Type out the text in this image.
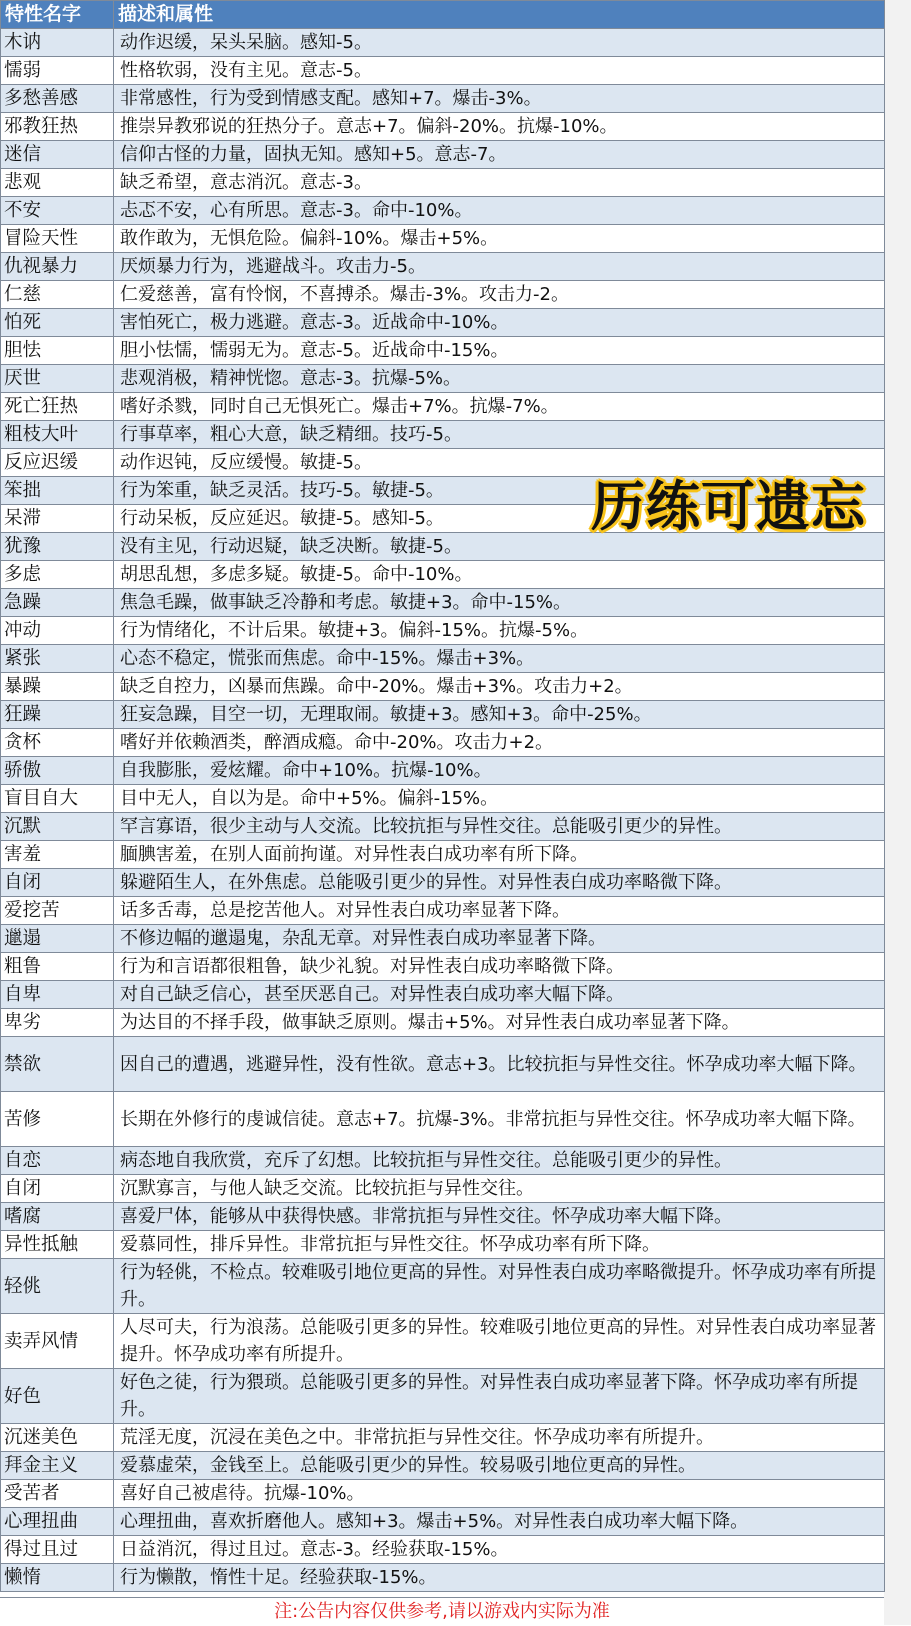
特性名字	描述和属性
木讷	动作迟缓，呆头呆脑。感知-5。
懦弱	性格软弱，没有主见。意志-5。
多愁善感	非常感性，行为受到情感支配。感知+7。爆击-3%。
邪教狂热	推崇异教邪说的狂热分子。意志+7。偏斜-20%。抗爆-10%。
迷信	信仰古怪的力量，固执无知。感知+5。意志-7。
悲观	缺乏希望，意志消沉。意志-3。
不安	忐忑不安，心有所思。意志-3。命中-10%。
冒险天性	敢作敢为，无惧危险。偏斜-10%。爆击+5%。
仇视暴力	厌烦暴力行为，逃避战斗。攻击力-5。
仁慈	仁爱慈善，富有怜悯，不喜搏杀。爆击-3%。攻击力-2。
怕死	害怕死亡，极力逃避。意志-3。近战命中-10%。
胆怯	胆小怯懦，懦弱无为。意志-5。近战命中-15%。
厌世	悲观消极，精神恍惚。意志-3。抗爆-5%。
死亡狂热	嗜好杀戮，同时自己无惧死亡。爆击+7%。抗爆-7%。
粗枝大叶	行事草率，粗心大意，缺乏精细。技巧-5。
反应迟缓	动作迟钝，反应缓慢。敏捷-5。
笨拙	行为笨重，缺乏灵活。技巧-5。敏捷-5。
呆滞	行动呆板，反应延迟。敏捷-5。感知-5。
犹豫	没有主见，行动迟疑，缺乏决断。敏捷-5。
多虑	胡思乱想，多虑多疑。敏捷-5。命中-10%。
急躁	焦急毛躁，做事缺乏冷静和考虑。敏捷+3。命中-15%。
冲动	行为情绪化，不计后果。敏捷+3。偏斜-15%。抗爆-5%。
紧张	心态不稳定，慌张而焦虑。命中-15%。爆击+3%。
暴躁	缺乏自控力，凶暴而焦躁。命中-20%。爆击+3%。攻击力+2。
狂躁	狂妄急躁，目空一切，无理取闹。敏捷+3。感知+3。命中-25%。
贪杯	嗜好并依赖酒类，醉酒成瘾。命中-20%。攻击力+2。
骄傲	自我膨胀，爱炫耀。命中+10%。抗爆-10%。
盲目自大	目中无人，自以为是。命中+5%。偏斜-15%。
沉默	罕言寡语，很少主动与人交流。比较抗拒与异性交往。总能吸引更少的异性。
害羞	腼腆害羞，在别人面前拘谨。对异性表白成功率有所下降。
自闭	躲避陌生人，在外焦虑。总能吸引更少的异性。对异性表白成功率略微下降。
爱挖苦	话多舌毒，总是挖苦他人。对异性表白成功率显著下降。
邋遢	不修边幅的邋遢鬼，杂乱无章。对异性表白成功率显著下降。
粗鲁	行为和言语都很粗鲁，缺少礼貌。对异性表白成功率略微下降。
自卑	对自己缺乏信心，甚至厌恶自己。对异性表白成功率大幅下降。
卑劣	为达目的不择手段，做事缺乏原则。爆击+5%。对异性表白成功率显著下降。
禁欲	因自己的遭遇，逃避异性，没有性欲。意志+3。比较抗拒与异性交往。怀孕成功率大幅下降。
苦修	长期在外修行的虔诚信徒。意志+7。抗爆-3%。非常抗拒与异性交往。怀孕成功率大幅下降。
自恋	病态地自我欣赏，充斥了幻想。比较抗拒与异性交往。总能吸引更少的异性。
自闭	沉默寡言，与他人缺乏交流。比较抗拒与异性交往。
嗜腐	喜爱尸体，能够从中获得快感。非常抗拒与异性交往。怀孕成功率大幅下降。
异性抵触	爱慕同性，排斥异性。非常抗拒与异性交往。怀孕成功率有所下降。
轻佻	行为轻佻，不检点。较难吸引地位更高的异性。对异性表白成功率略微提升。怀孕成功率有所提升。
卖弄风情	人尽可夫，行为浪荡。总能吸引更多的异性。较难吸引地位更高的异性。对异性表白成功率显著提升。怀孕成功率有所提升。
好色	好色之徒，行为猥琐。总能吸引更多的异性。对异性表白成功率显著下降。怀孕成功率有所提升。
沉迷美色	荒淫无度，沉浸在美色之中。非常抗拒与异性交往。怀孕成功率有所提升。
拜金主义	爱慕虚荣，金钱至上。总能吸引更少的异性。较易吸引地位更高的异性。
受苦者	喜好自己被虐待。抗爆-10%。
心理扭曲	心理扭曲，喜欢折磨他人。感知+3。爆击+5%。对异性表白成功率大幅下降。
得过且过	日益消沉，得过且过。意志-3。经验获取-15%。
懒惰	行为懒散，惰性十足。经验获取-15%。
历练可遗忘
注:公告内容仅供参考,请以游戏内实际为准
